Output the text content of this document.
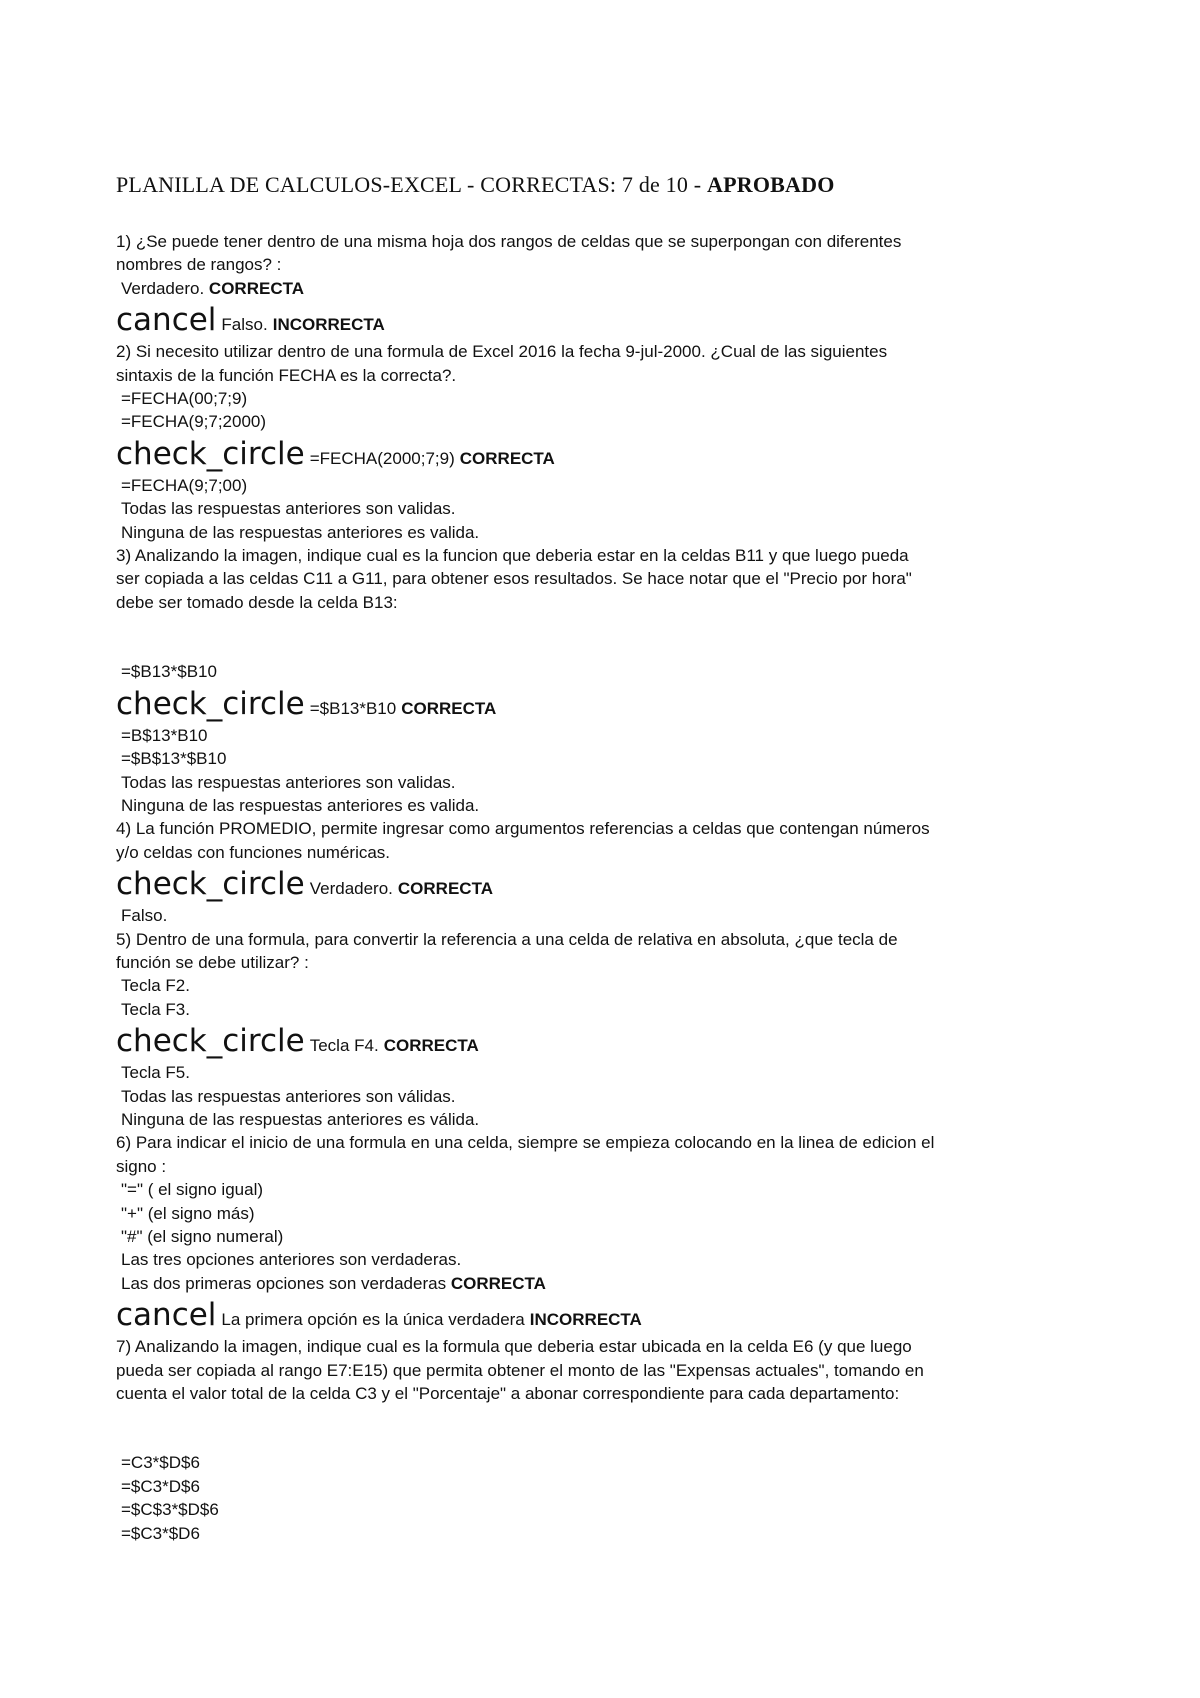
PLANILLA DE CALCULOS-EXCEL - CORRECTAS: 7 de 10 - APROBADO
1) ¿Se puede tener dentro de una misma hoja dos rangos de celdas que se superpongan con diferentes
nombres de rangos? :
Verdadero. CORRECTA
cancel Falso. INCORRECTA
2) Si necesito utilizar dentro de una formula de Excel 2016 la fecha 9-jul-2000. ¿Cual de las siguientes
sintaxis de la función FECHA es la correcta?.
=FECHA(00;7;9)
=FECHA(9;7;2000)
check_circle =FECHA(2000;7;9) CORRECTA
=FECHA(9;7;00)
Todas las respuestas anteriores son validas.
Ninguna de las respuestas anteriores es valida.
3) Analizando la imagen, indique cual es la funcion que deberia estar en la celdas B11 y que luego pueda
ser copiada a las celdas C11 a G11, para obtener esos resultados. Se hace notar que el "Precio por hora"
debe ser tomado desde la celda B13:
=$B13*$B10
check_circle =$B13*B10 CORRECTA
=B$13*B10
=$B$13*$B10
Todas las respuestas anteriores son validas.
Ninguna de las respuestas anteriores es valida.
4) La función PROMEDIO, permite ingresar como argumentos referencias a celdas que contengan números
y/o celdas con funciones numéricas.
check_circle Verdadero. CORRECTA
Falso.
5) Dentro de una formula, para convertir la referencia a una celda de relativa en absoluta, ¿que tecla de
función se debe utilizar? :
Tecla F2.
Tecla F3.
check_circle Tecla F4. CORRECTA
Tecla F5.
Todas las respuestas anteriores son válidas.
Ninguna de las respuestas anteriores es válida.
6) Para indicar el inicio de una formula en una celda, siempre se empieza colocando en la linea de edicion el
signo :
"=" ( el signo igual)
"+" (el signo más)
"#" (el signo numeral)
Las tres opciones anteriores son verdaderas.
Las dos primeras opciones son verdaderas CORRECTA
cancel La primera opción es la única verdadera INCORRECTA
7) Analizando la imagen, indique cual es la formula que deberia estar ubicada en la celda E6 (y que luego
pueda ser copiada al rango E7:E15) que permita obtener el monto de las "Expensas actuales", tomando en
cuenta el valor total de la celda C3 y el "Porcentaje" a abonar correspondiente para cada departamento:
=C3*$D$6
=$C3*D$6
=$C$3*$D$6
=$C3*$D6
